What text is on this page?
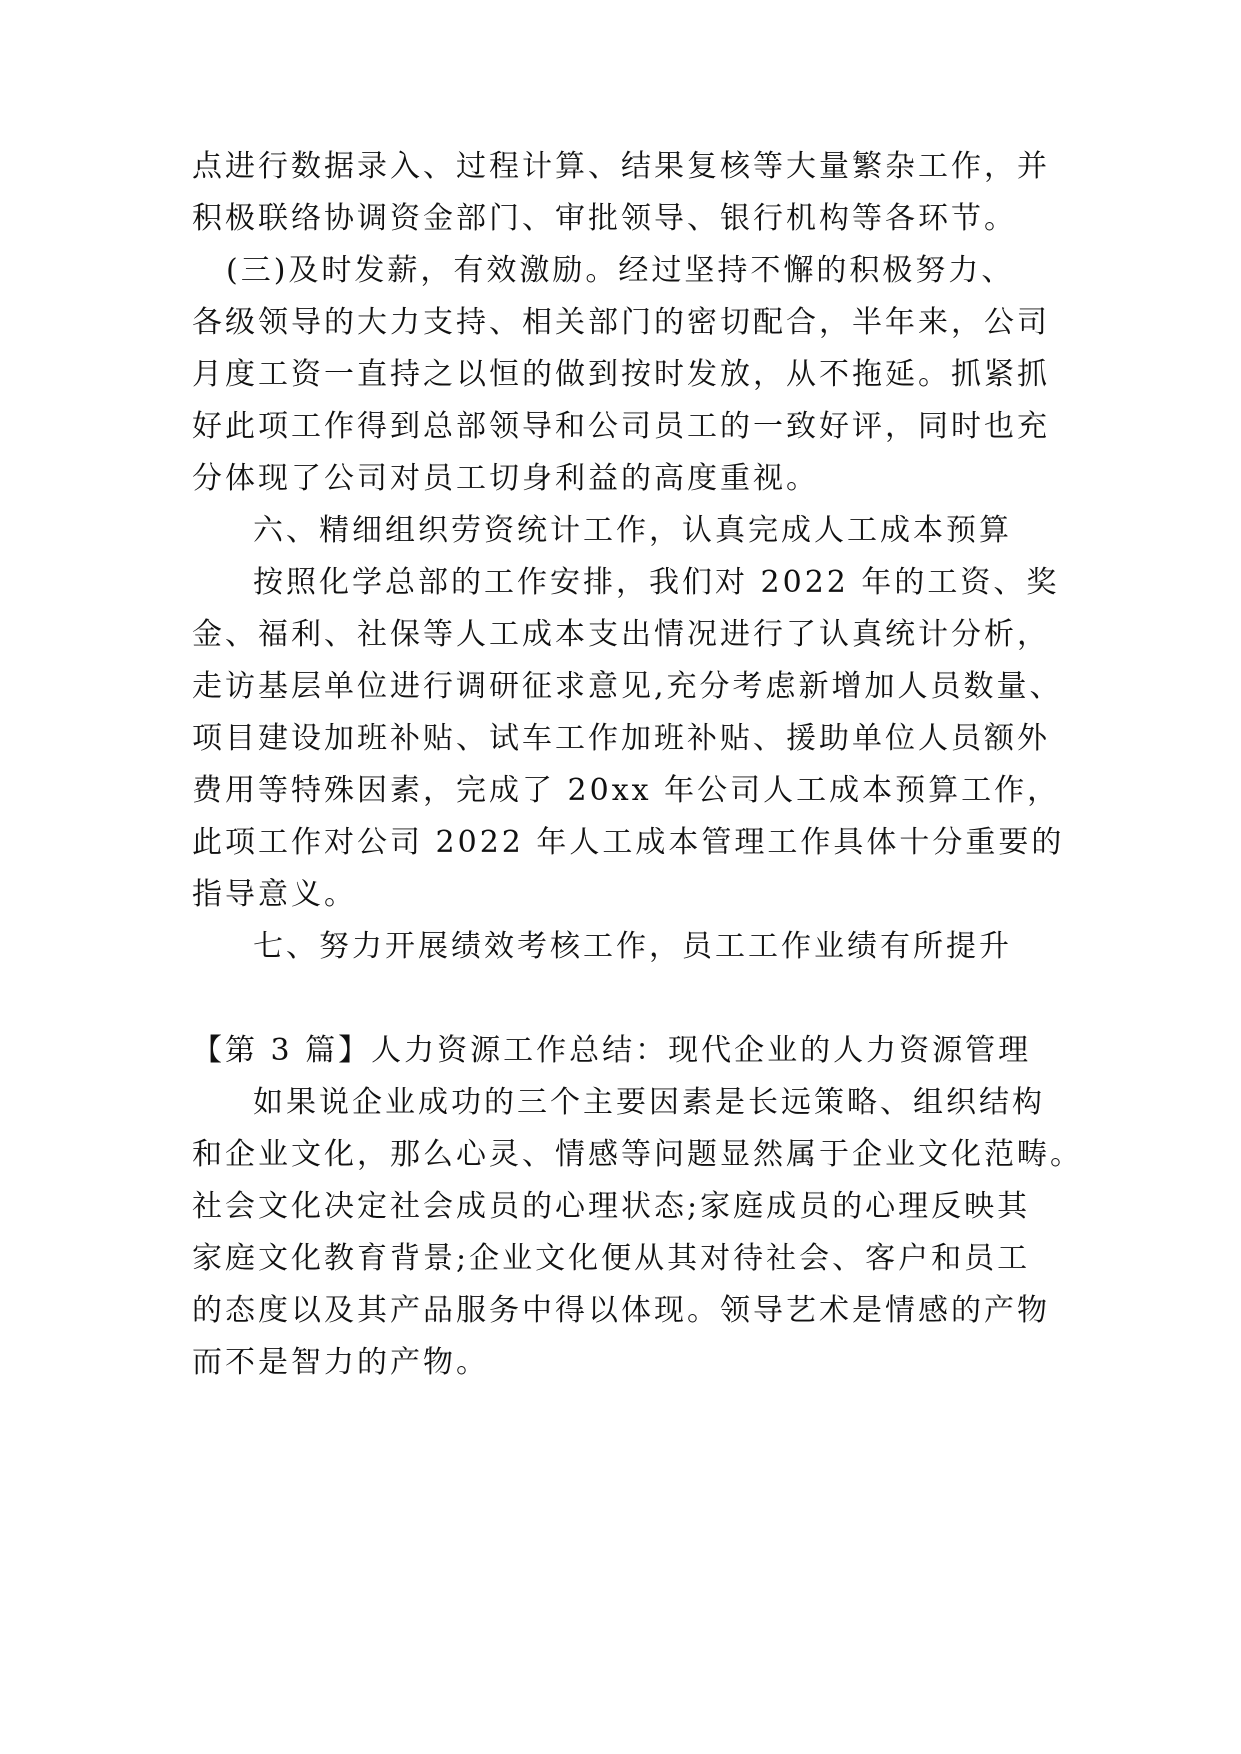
点进行数据录入、过程计算、结果复核等大量繁杂工作，并

积极联络协调资金部门、审批领导、银行机构等各环节。

(三)及时发薪，有效激励。经过坚持不懈的积极努力、

各级领导的大力支持、相关部门的密切配合，半年来，公司

月度工资一直持之以恒的做到按时发放，从不拖延。抓紧抓

好此项工作得到总部领导和公司员工的一致好评，同时也充

分体现了公司对员工切身利益的高度重视。

六、精细组织劳资统计工作，认真完成人工成本预算

按照化学总部的工作安排，我们对 2022 年的工资、奖

金、福利、社保等人工成本支出情况进行了认真统计分析，

走访基层单位进行调研征求意见,充分考虑新增加人员数量、

项目建设加班补贴、试车工作加班补贴、援助单位人员额外

费用等特殊因素，完成了 20xx 年公司人工成本预算工作，

此项工作对公司 2022 年人工成本管理工作具体十分重要的

指导意义。

七、努力开展绩效考核工作，员工工作业绩有所提升

【第 3 篇】人力资源工作总结：现代企业的人力资源管理

如果说企业成功的三个主要因素是长远策略、组织结构

和企业文化，那么心灵、情感等问题显然属于企业文化范畴。

社会文化决定社会成员的心理状态;家庭成员的心理反映其

家庭文化教育背景;企业文化便从其对待社会、客户和员工

的态度以及其产品服务中得以体现。领导艺术是情感的产物

而不是智力的产物。
